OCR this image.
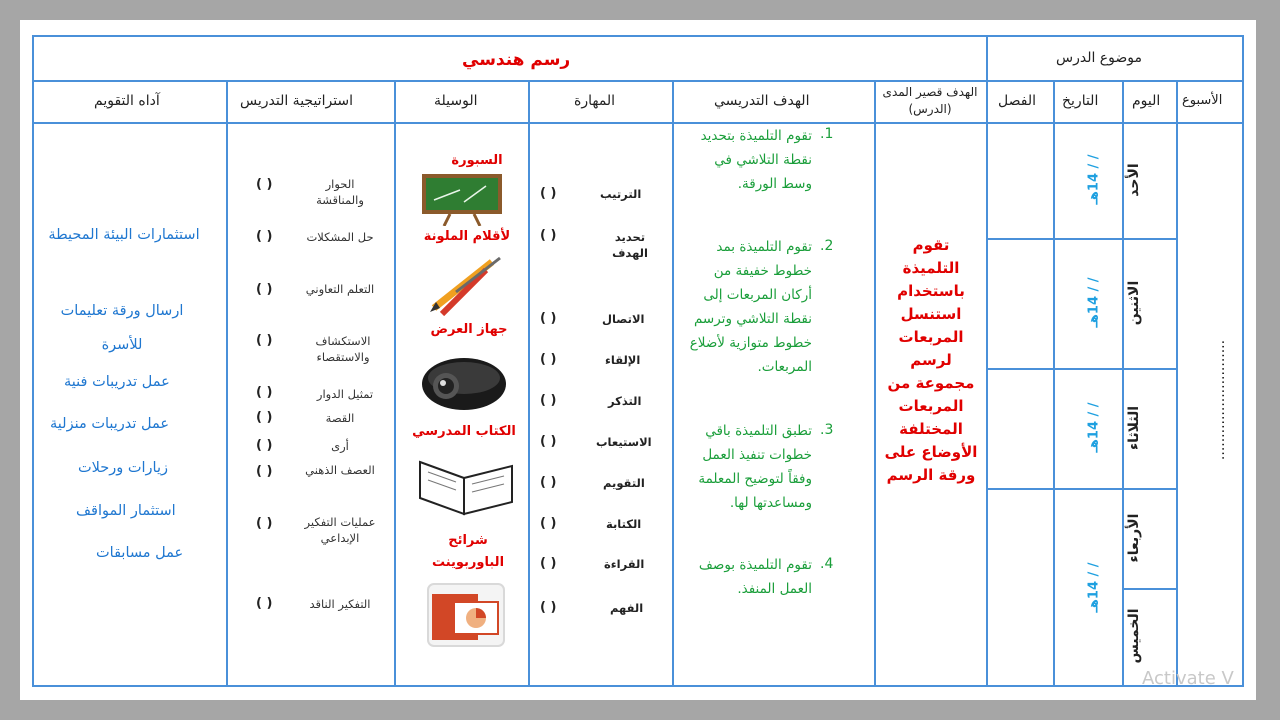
موضوع الدرس
رسم هندسي
الأسبوع
اليوم
التاريخ
الفصل
الهدف قصير المدى (الدرس)
الهدف التدريسي
المهارة
الوسيلة
استراتيجية التدريس
آداه التقويم
...........................
الأحد
الاثنين
الثلاثاء
الأربعاء
الخميس
/ / 14هـ
/ / 14هـ
/ / 14هـ
/ / 14هـ
تقوم التلميذة باستخدام استنسل المربعات لرسم مجموعة من المربعات المختلفة الأوضاع على ورقة الرسم
.1
تقوم التلميذة بتحديد نقطة التلاشي في وسط الورقة.
.2
تقوم التلميذة بمد خطوط خفيفة من أركان المربعات إلى نقطة التلاشي وترسم خطوط متوازية لأضلاع المربعات.
.3
تطبق التلميذة باقي خطوات تنفيذ العمل وفقاً لتوضيح المعلمة ومساعدتها لها.
.4
تقوم التلميذة بوصف العمل المنفذ.
الترتيب
( )
تحديد الهدف
( )
الاتصال
( )
الإلقاء
( )
التذكر
( )
الاستيعاب
( )
التقويم
( )
الكتابة
( )
القراءة
( )
الفهم
( )
السبورة
لأقلام الملونة
جهاز العرض
الكتاب المدرسي
شرائح الباوربوينت
الحوار والمناقشة
( )
حل المشكلات
( )
التعلم التعاوني
( )
الاستكشاف والاستقصاء
( )
تمثيل الدوار
( )
القصة
( )
أرى
( )
العصف الذهني
( )
عمليات التفكير الإبداعي
( )
التفكير الناقد
( )
استثمارات البيئة المحيطة
ارسال ورقة تعليمات للأسرة
عمل تدريبات فنية
عمل تدريبات منزلية
زيارات ورحلات
استثمار المواقف
عمل مسابقات
Activate V
